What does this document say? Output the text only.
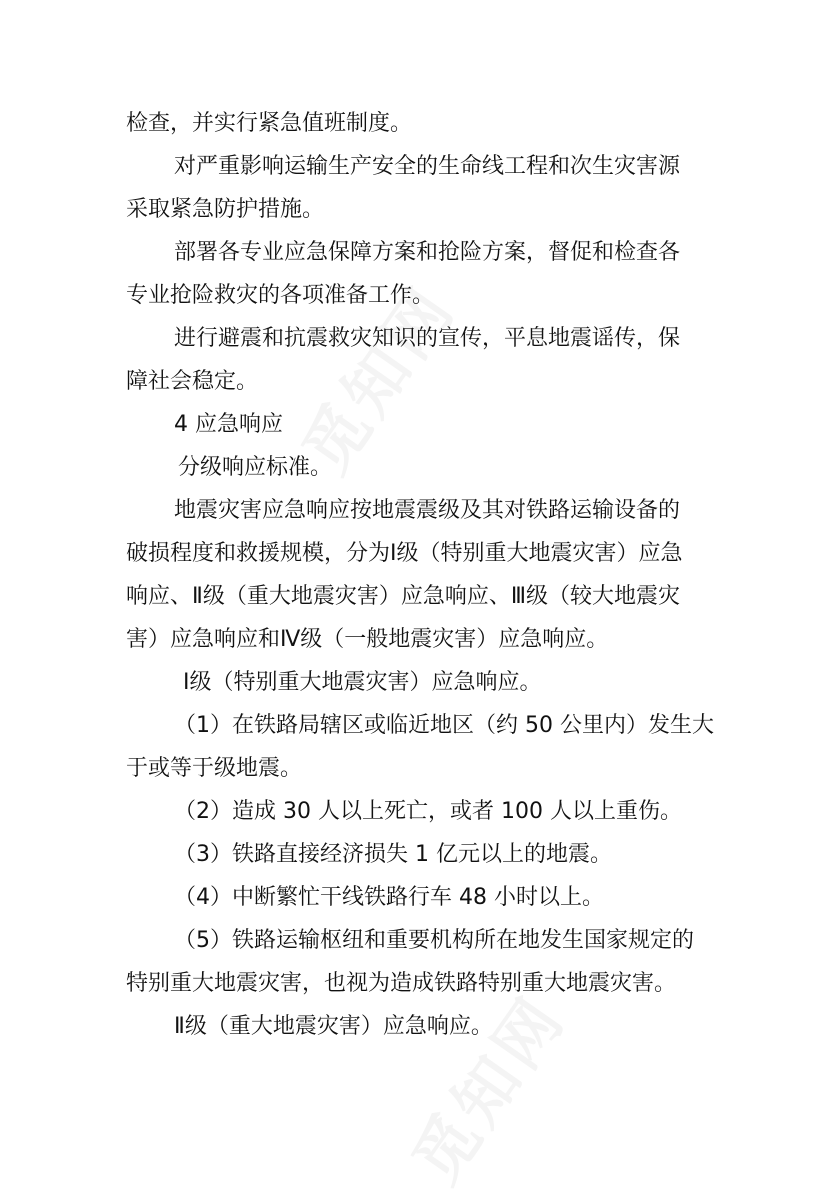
检查，并实行紧急值班制度。
对严重影响运输生产安全的生命线工程和次生灾害源
采取紧急防护措施。
部署各专业应急保障方案和抢险方案，督促和检查各
专业抢险救灾的各项准备工作。
进行避震和抗震救灾知识的宣传，平息地震谣传，保
障社会稳定。
4 应急响应
分级响应标准。
地震灾害应急响应按地震震级及其对铁路运输设备的
破损程度和救援规模，分为Ⅰ级（特别重大地震灾害）应急
响应、Ⅱ级（重大地震灾害）应急响应、Ⅲ级（较大地震灾
害）应急响应和Ⅳ级（一般地震灾害）应急响应。
Ⅰ级（特别重大地震灾害）应急响应。
（1）在铁路局辖区或临近地区（约 50 公里内）发生大
于或等于级地震。
（2）造成 30 人以上死亡，或者 100 人以上重伤。
（3）铁路直接经济损失 1 亿元以上的地震。
（4）中断繁忙干线铁路行车 48 小时以上。
（5）铁路运输枢纽和重要机构所在地发生国家规定的
特别重大地震灾害，也视为造成铁路特别重大地震灾害。
Ⅱ级（重大地震灾害）应急响应。
